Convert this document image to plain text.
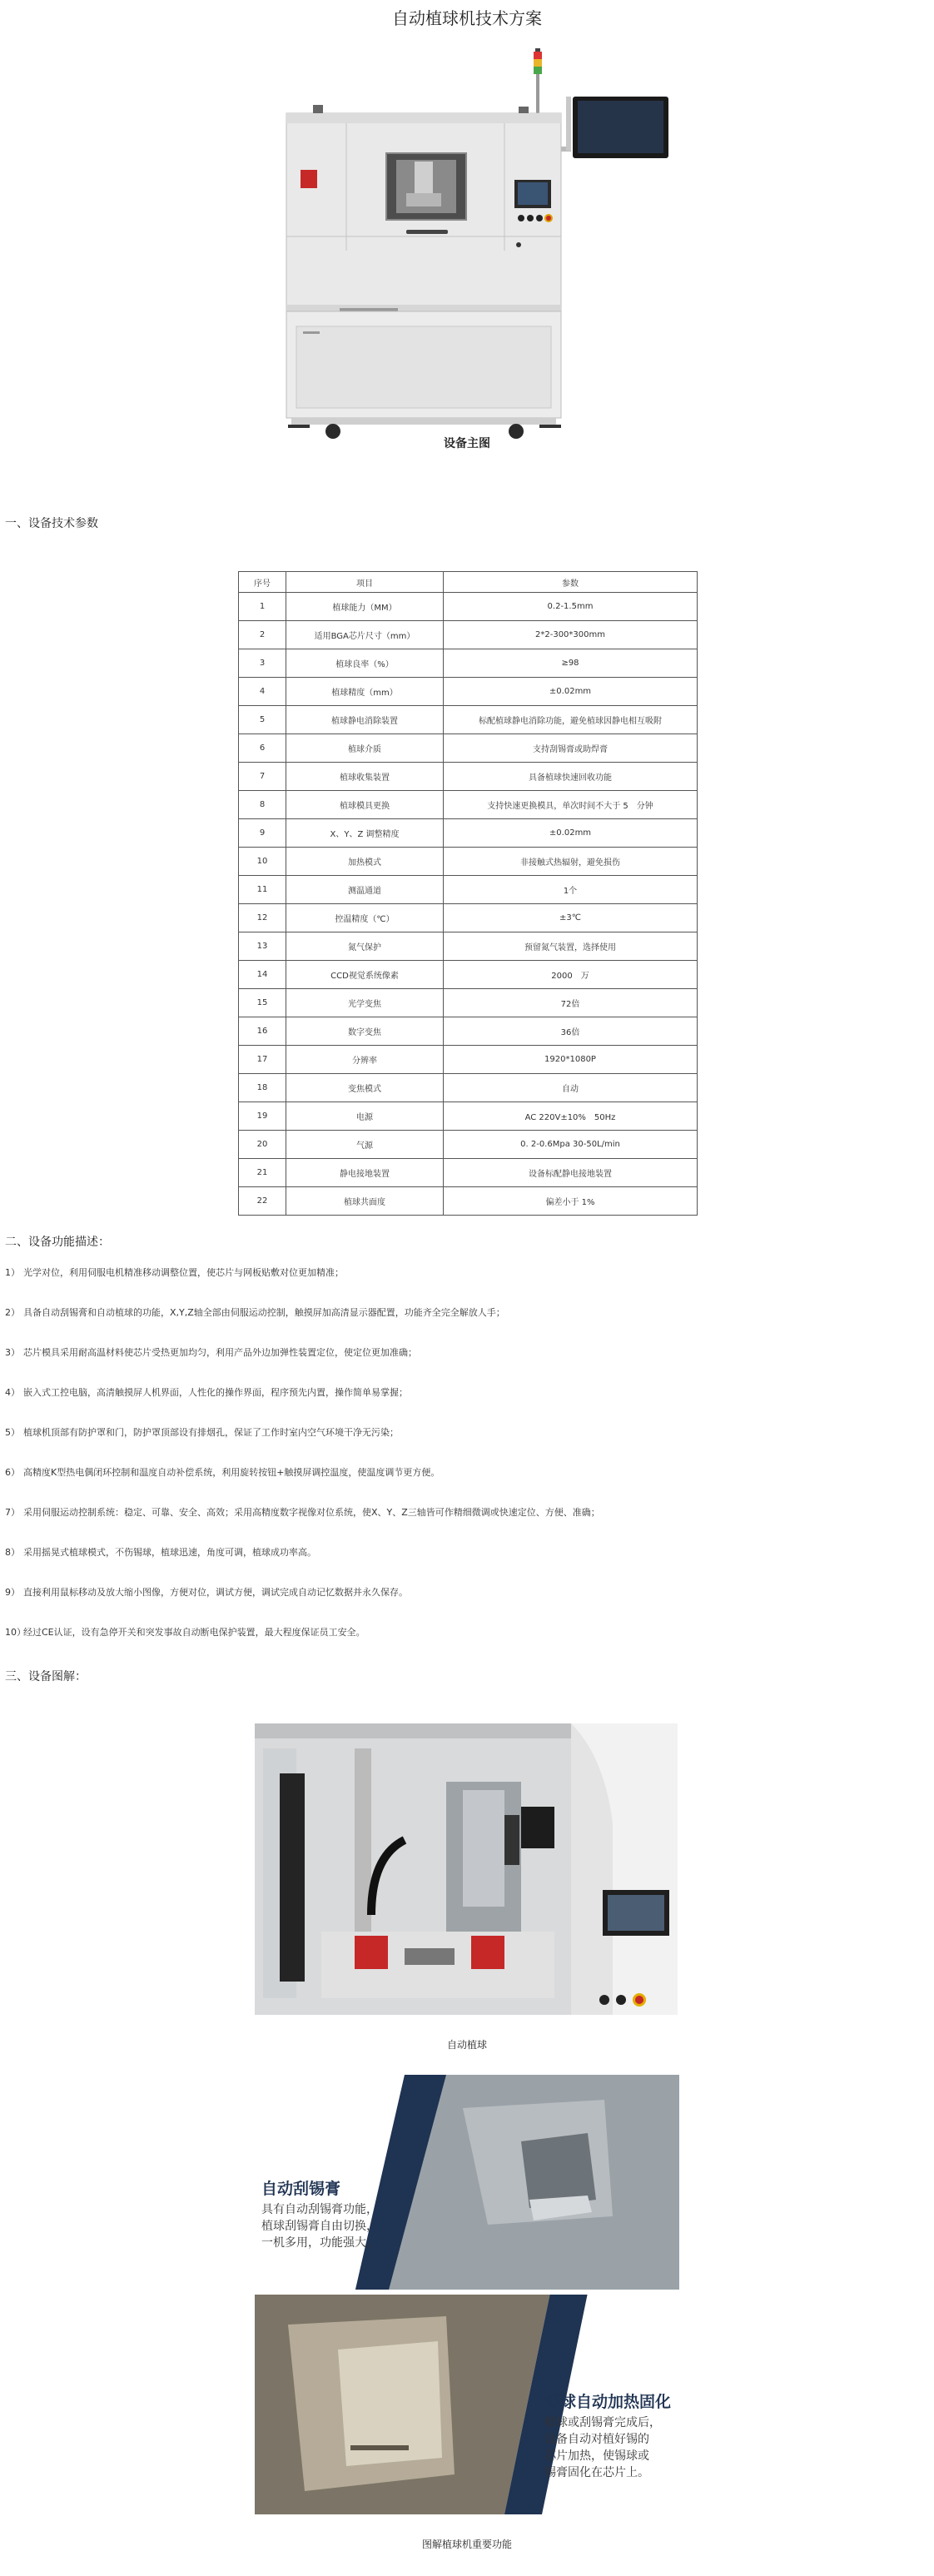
自动植球机技术方案
设备主图
一、设备技术参数
序号	项目	参数
1	植球能力（MM）	0.2-1.5mm
2	适用BGA芯片尺寸（mm）	2*2-300*300mm
3	植球良率（%）	≥98
4	植球精度（mm）	±0.02mm
5	植球静电消除装置	标配植球静电消除功能，避免植球因静电相互吸附
6	植球介质	支持刮锡膏或助焊膏
7	植球收集装置	具备植球快速回收功能
8	植球模具更换	支持快速更换模具，单次时间不大于 5　分钟
9	X、Y、Z 调整精度	±0.02mm
10	加热模式	非接触式热辐射，避免损伤
11	测温通道	1个
12	控温精度（℃）	±3℃
13	氮气保护	预留氮气装置，选择使用
14	CCD视觉系统像素	2000　万
15	光学变焦	72倍
16	数字变焦	36倍
17	分辨率	1920*1080P
18	变焦模式	自动
19	电源	AC 220V±10%　50Hz
20	气源	0. 2-0.6Mpa 30-50L/min
21	静电接地装置	设备标配静电接地装置
22	植球共面度	偏差小于 1%
二、设备功能描述：
1） 光学对位，利用伺服电机精准移动调整位置，使芯片与网板贴敷对位更加精准；
2） 具备自动刮锡膏和自动植球的功能，X,Y,Z轴全部由伺服运动控制，触摸屏加高清显示器配置，功能齐全完全解放人手；
3） 芯片模具采用耐高温材料使芯片受热更加均匀，利用产品外边加弹性装置定位，使定位更加准确；
4） 嵌入式工控电脑，高清触摸屏人机界面，人性化的操作界面，程序预先内置，操作简单易掌握；
5） 植球机顶部有防护罩和门，防护罩顶部设有排烟孔，保证了工作时室内空气环境干净无污染；
6） 高精度K型热电偶闭环控制和温度自动补偿系统，利用旋转按钮+触摸屏调控温度，使温度调节更方便。
7） 采用伺服运动控制系统：稳定、可靠、安全、高效；采用高精度数字视像对位系统，使X、Y、Z三轴皆可作精细微调或快速定位、方便、准确；
8） 采用摇晃式植球模式，不伤锡球，植球迅速，角度可调，植球成功率高。
9） 直接利用鼠标移动及放大缩小图像，方便对位，调试方便，调试完成自动记忆数据并永久保存。
10）经过CE认证，设有急停开关和突发事故自动断电保护装置，最大程度保证员工安全。
三、设备图解：
自动植球
自动刮锡膏
具有自动刮锡膏功能，
植球刮锡膏自由切换，
一机多用，功能强大。
锡球自动加热固化
植球或刮锡膏完成后，
设备自动对植好锡的
芯片加热，使锡球或
锡膏固化在芯片上。
图解植球机重要功能
